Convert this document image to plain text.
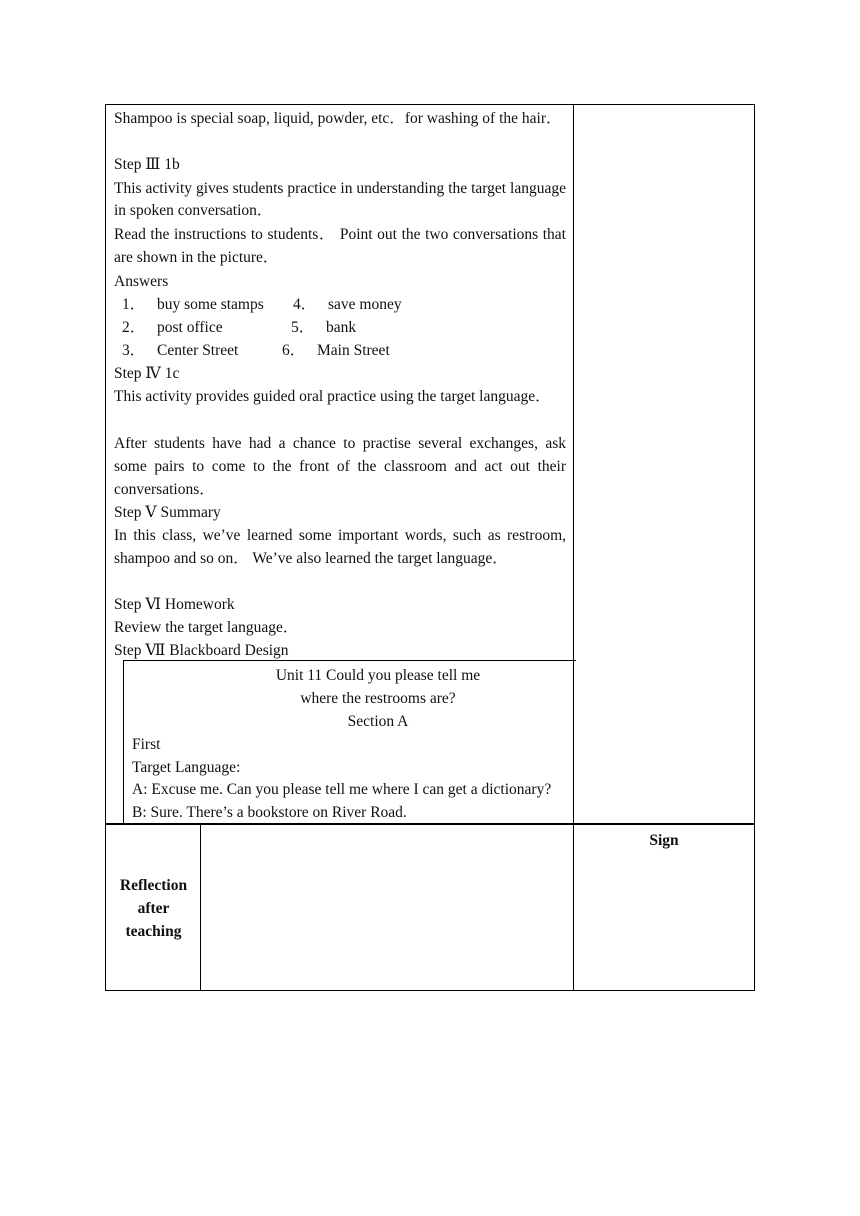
Shampoo is special soap, liquid, powder, etc．for washing of the hair．
Step Ⅲ 1b
This activity gives students practice in understanding the target language in spoken conversation．
Read the instructions to students． Point out the two conversations that are shown in the picture．
Answers
1． buy some stamps 4． save money
2． post office	5． bank
3． Center Street	6． Main Street
Step Ⅳ 1c
This activity provides guided oral practice using the target language．
After students have had a chance to practise several exchanges, ask some pairs to come to the front of the classroom and act out their conversations．
Step Ⅴ Summary
In this class, we’ve learned some important words, such as restroom, shampoo and so on． We’ve also learned the target language．
Step Ⅵ Homework
Review the target language．
Step Ⅶ Blackboard Design
Unit 11 Could you please tell me
where the restrooms are?
Section A
First
Target Language:
A: Excuse me. Can you please tell me where I can get a dictionary?
B: Sure. There’s a bookstore on River Road.
Reflection
after
teaching
Sign
